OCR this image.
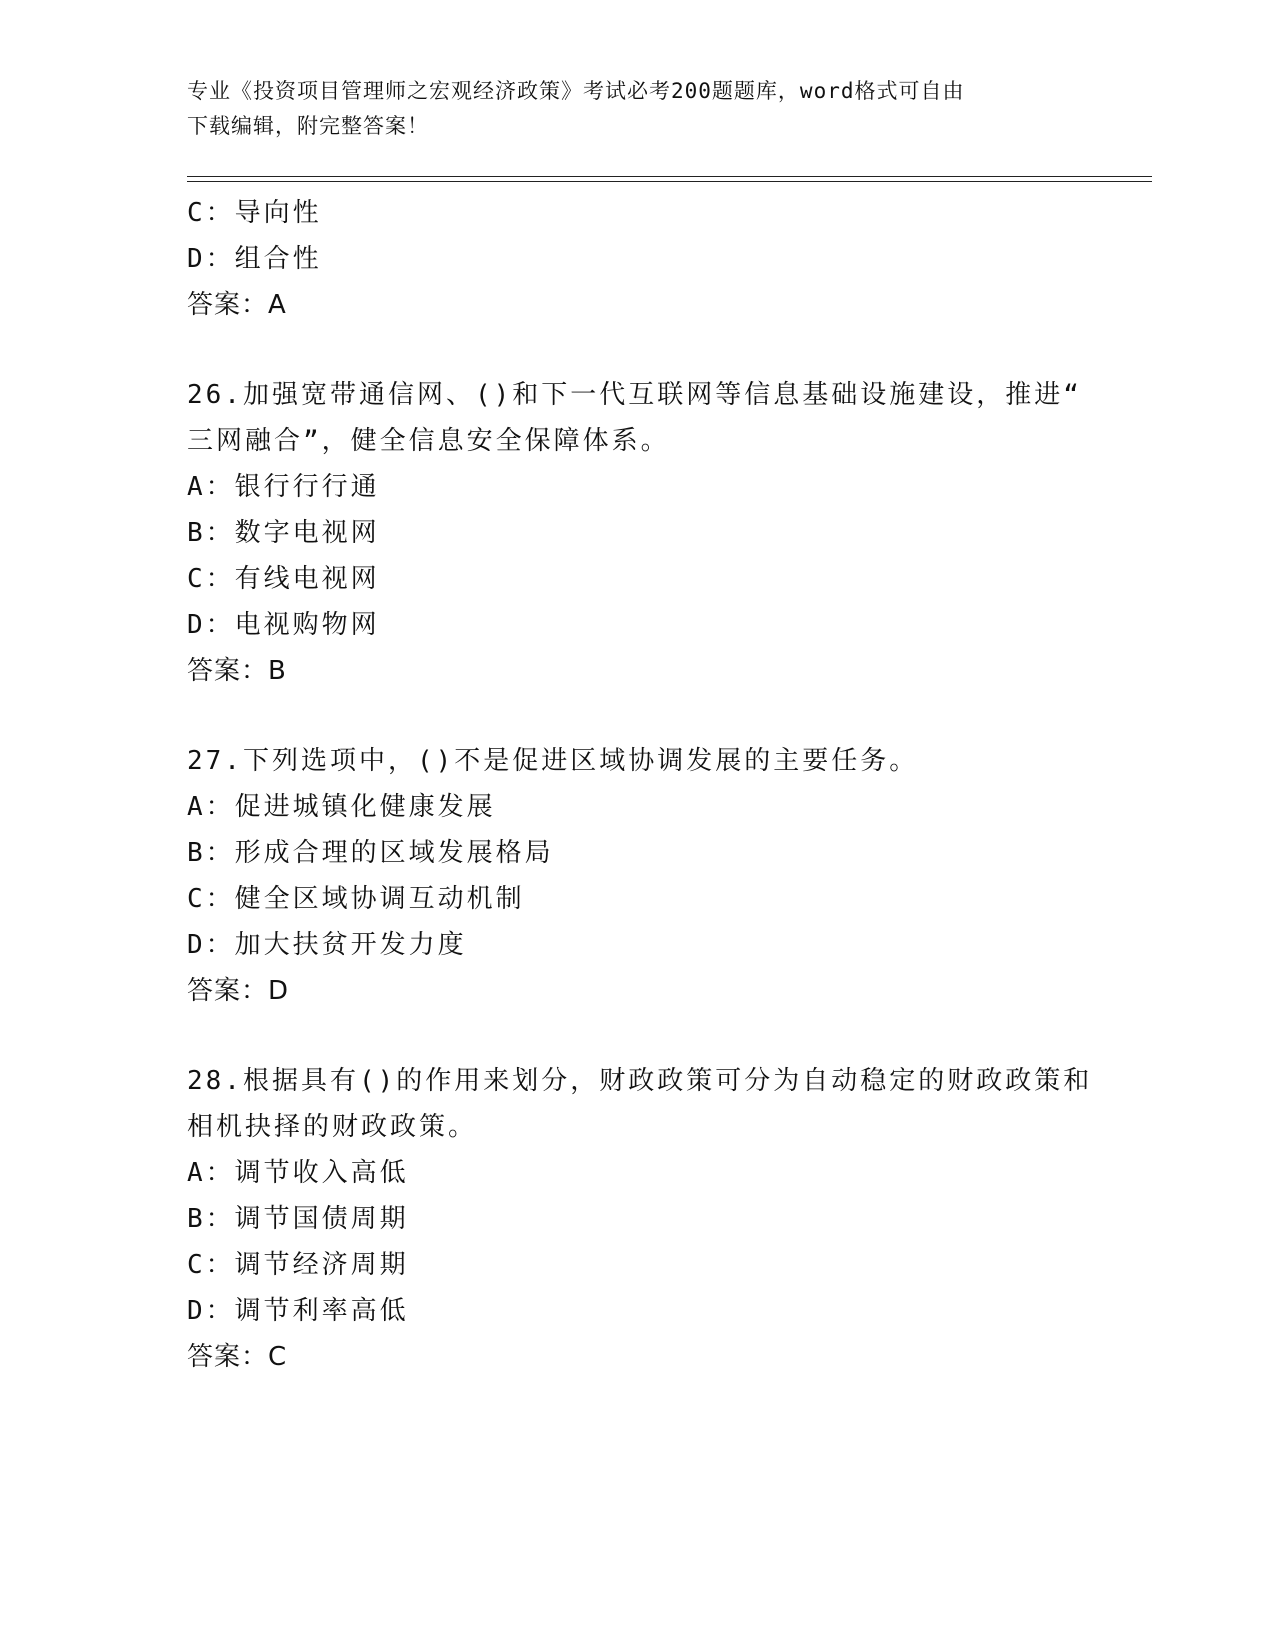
专业《投资项目管理师之宏观经济政策》考试必考200题题库，word格式可自由
下载编辑，附完整答案！
C：导向性
D：组合性
答案：A
26.加强宽带通信网、()和下一代互联网等信息基础设施建设，推进“
三网融合”，健全信息安全保障体系。
A：银行行行通
B：数字电视网
C：有线电视网
D：电视购物网
答案：B
27.下列选项中，()不是促进区域协调发展的主要任务。
A：促进城镇化健康发展
B：形成合理的区域发展格局
C：健全区域协调互动机制
D：加大扶贫开发力度
答案：D
28.根据具有()的作用来划分，财政政策可分为自动稳定的财政政策和
相机抉择的财政政策。
A：调节收入高低
B：调节国债周期
C：调节经济周期
D：调节利率高低
答案：C
